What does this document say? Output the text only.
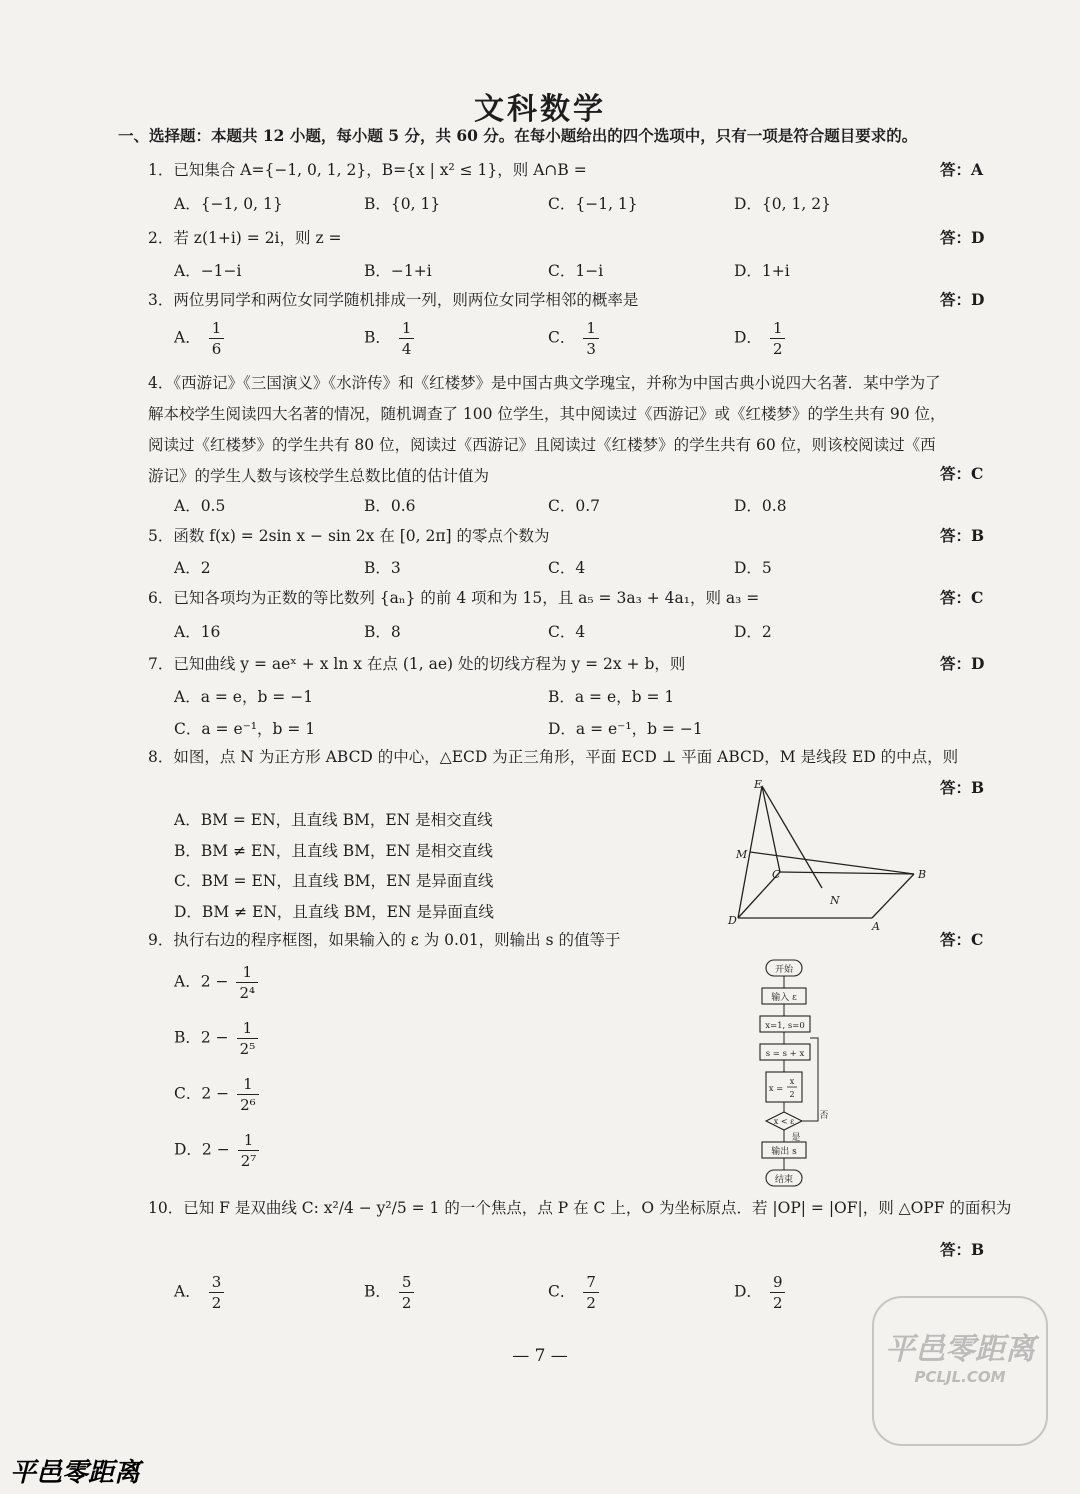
文科数学
一、选择题：本题共 12 小题，每小题 5 分，共 60 分。在每小题给出的四个选项中，只有一项是符合题目要求的。
1．已知集合 A={−1, 0, 1, 2}，B={x | x² ≤ 1}，则 A∩B =	答：A
A．{−1, 0, 1}	B．{0, 1}	C．{−1, 1}	D．{0, 1, 2}
2．若 z(1+i) = 2i，则 z =	答：D
A．−1−i	B．−1+i	C．1−i	D．1+i
3．两位男同学和两位女同学随机排成一列，则两位女同学相邻的概率是	答：D
A． $\frac{1}{6}$	B． $\frac{1}{4}$	C． $\frac{1}{3}$	D． $\frac{1}{2}$
4．《西游记》《三国演义》《水浒传》和《红楼梦》是中国古典文学瑰宝，并称为中国古典小说四大名著．某中学为了解本校学生阅读四大名著的情况，随机调查了 100 位学生，其中阅读过《西游记》或《红楼梦》的学生共有 90 位，阅读过《红楼梦》的学生共有 80 位，阅读过《西游记》且阅读过《红楼梦》的学生共有 60 位，则该校阅读过《西游记》的学生人数与该校学生总数比值的估计值为	答：C
A．0.5	B．0.6	C．0.7	D．0.8
5．函数 f(x) = 2sin x − sin 2x 在 [0, 2π] 的零点个数为	答：B
A．2	B．3	C．4	D．5
6．已知各项均为正数的等比数列 {aₙ} 的前 4 项和为 15，且 a₅ = 3a₃ + 4a₁，则 a₃ =	答：C
A．16	B．8	C．4	D．2
7．已知曲线 y = aeˣ + x ln x 在点 (1, ae) 处的切线方程为 y = 2x + b，则	答：D
A．a = e，b = −1	B．a = e，b = 1
C．a = e⁻¹，b = 1	D．a = e⁻¹，b = −1
8．如图，点 N 为正方形 ABCD 的中心，△ECD 为正三角形，平面 ECD ⊥ 平面 ABCD，M 是线段 ED 的中点，则
答：B
A．BM = EN，且直线 BM，EN 是相交直线
B．BM ≠ EN，且直线 BM，EN 是相交直线
C．BM = EN，且直线 BM，EN 是异面直线
D．BM ≠ EN，且直线 BM，EN 是异面直线
E
M
C
N
B
D	A
9．执行右边的程序框图，如果输入的 ε 为 0.01，则输出 s 的值等于	答：C
A．$2 - \frac{1}{\text{2⁴}}$
B．$2 - \frac{1}{\text{2⁵}}$
C．$2 - \frac{1}{\text{2⁶}}$
D．$2 - \frac{1}{\text{2⁷}}$
开始
输入 ε
x=1, s=0
s = s + x
x =
x
2
x < ε
否
是
输出 s
结束
10．已知 F 是双曲线 C: x²/4 − y²/5 = 1 的一个焦点，点 P 在 C 上，O 为坐标原点．若 |OP| = |OF|，则 △OPF 的面积为
答：B
A． $\frac{3}{2}$	B． $\frac{5}{2}$	C． $\frac{7}{2}$	D． $\frac{9}{2}$
— 7 —	平邑零距离
PCLJL.COM
平邑零距离
